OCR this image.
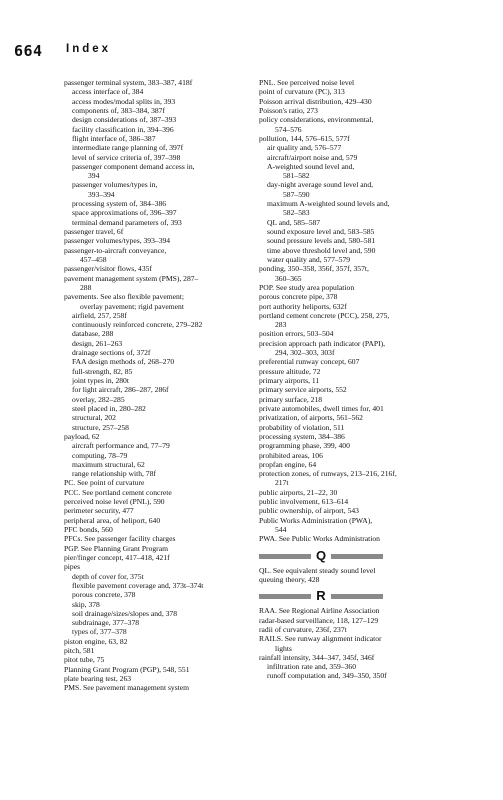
664 Index
passenger terminal system, 383–387, 418f
access interface of, 384
access modes/modal splits in, 393
components of, 383–384, 387f
design considerations of, 387–393
facility classification in, 394–396
flight interface of, 386–387
intermediate range planning of, 397f
level of service criteria of, 397–398
passenger component demand access in,
394
passenger volumes/types in,
393–394
processing system of, 384–386
space approximations of, 396–397
terminal demand parameters of, 393
passenger travel, 6f
passenger volumes/types, 393–394
passenger-to-aircraft conveyance,
457–458
passenger/visitor flows, 435f
pavement management system (PMS), 287–
288
pavements. See also flexible pavement;
overlay pavement; rigid pavement
airfield, 257, 258f
continuously reinforced concrete, 279–282
database, 288
design, 261–263
drainage sections of, 372f
FAA design methods of, 268–270
full-strength, 82, 85
joint types in, 280t
for light aircraft, 286–287, 286f
overlay, 282–285
steel placed in, 280–282
structural, 202
structure, 257–258
payload, 62
aircraft performance and, 77–79
computing, 78–79
maximum structural, 62
range relationship with, 78f
PC. See point of curvature
PCC. See portland cement concrete
perceived noise level (PNL), 590
perimeter security, 477
peripheral area, of heliport, 640
PFC bonds, 560
PFCs. See passenger facility charges
PGP. See Planning Grant Program
pier/finger concept, 417–418, 421f
pipes
depth of cover for, 375t
flexible pavement coverage and, 373t–374t
porous concrete, 378
skip, 378
soil drainage/sizes/slopes and, 378
subdrainage, 377–378
types of, 377–378
piston engine, 63, 82
pitch, 581
pitot tube, 75
Planning Grant Program (PGP), 548, 551
plate bearing test, 263
PMS. See pavement management system
PNL. See perceived noise level
point of curvature (PC), 313
Poisson arrival distribution, 429–430
Poisson's ratio, 273
policy considerations, environmental,
574–576
pollution, 144, 576–615, 577f
air quality and, 576–577
aircraft/airport noise and, 579
A-weighted sound level and,
581–582
day-night average sound level and,
587–590
maximum A-weighted sound levels and,
582–583
QL and, 585–587
sound exposure level and, 583–585
sound pressure levels and, 580–581
time above threshold level and, 590
water quality and, 577–579
ponding, 350–358, 356f, 357f, 357t,
360–365
POP. See study area population
porous concrete pipe, 378
port authority heliports, 632f
portland cement concrete (PCC), 258, 275,
283
position errors, 503–504
precision approach path indicator (PAPI),
294, 302–303, 303f
preferential runway concept, 607
pressure altitude, 72
primary airports, 11
primary service airports, 552
primary surface, 218
private automobiles, dwell times for, 401
privatization, of airports, 561–562
probability of violation, 511
processing system, 384–386
programming phase, 399, 400
prohibited areas, 106
propfan engine, 64
protection zones, of runways, 213–216, 216f,
217t
public airports, 21–22, 30
public involvement, 613–614
public ownership, of airport, 543
Public Works Administration (PWA),
544
PWA. See Public Works Administration
Q
QL. See equivalent steady sound level
queuing theory, 428
R
RAA. See Regional Airline Association
radar-based surveillance, 118, 127–129
radii of curvature, 236f, 237t
RAILS. See runway alignment indicator
lights
rainfall intensity, 344–347, 345f, 346f
infiltration rate and, 359–360
runoff computation and, 349–350, 350f
